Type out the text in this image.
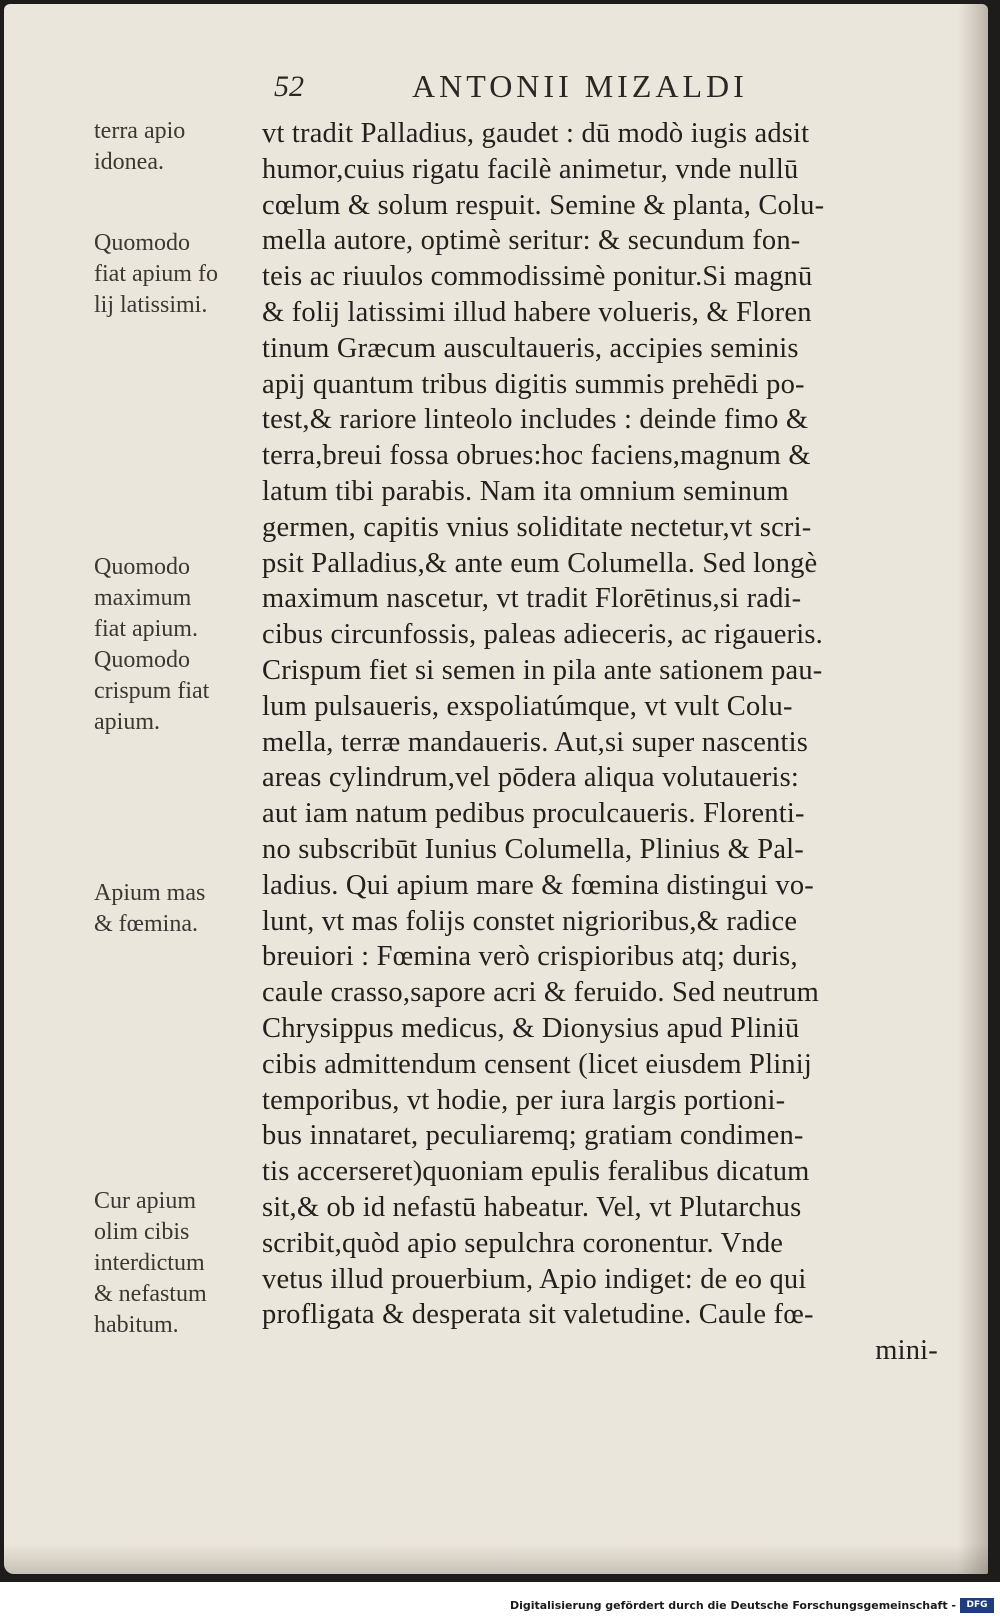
52	ANTONII MIZALDI
terra apio
idonea.
Quomodo
fiat apium fo
lij latissimi.
Quomodo
maximum
fiat apium.
Quomodo
crispum fiat
apium.
Apium mas
& fœmina.
Cur apium
olim cibis
interdictum
& nefastum
habitum.
vt tradit Palladius, gaudet : dū modò iugis adsit
humor,cuius rigatu facilè animetur, vnde nullū
cœlum & solum respuit. Semine & planta, Colu-
mella autore, optimè seritur: & secundum fon-
teis ac riuulos commodissimè ponitur.Si magnū
& folij latissimi illud habere volueris, & Floren
tinum Græcum auscultaueris, accipies seminis
apij quantum tribus digitis summis prehēdi po-
test,& rariore linteolo includes : deinde fimo &
terra,breui fossa obrues:hoc faciens,magnum &
latum tibi parabis. Nam ita omnium seminum
germen, capitis vnius soliditate nectetur,vt scri-
psit Palladius,& ante eum Columella. Sed longè
maximum nascetur, vt tradit Florētinus,si radi-
cibus circunfossis, paleas adieceris, ac rigaueris.
Crispum fiet si semen in pila ante sationem pau-
lum pulsaueris, exspoliatúmque, vt vult Colu-
mella, terræ mandaueris. Aut,si super nascentis
areas cylindrum,vel pōdera aliqua volutaueris:
aut iam natum pedibus proculcaueris. Florenti-
no subscribūt Iunius Columella, Plinius & Pal-
ladius. Qui apium mare & fœmina distingui vo-
lunt, vt mas folijs constet nigrioribus,& radice
breuiori : Fœmina verò crispioribus atq; duris,
caule crasso,sapore acri & feruido. Sed neutrum
Chrysippus medicus, & Dionysius apud Pliniū
cibis admittendum censent (licet eiusdem Plinij
temporibus, vt hodie, per iura largis portioni-
bus innataret, peculiaremq; gratiam condimen-
tis accerseret)quoniam epulis feralibus dicatum
sit,& ob id nefastū habeatur. Vel, vt Plutarchus
scribit,quòd apio sepulchra coronentur. Vnde
vetus illud prouerbium, Apio indiget: de eo qui
profligata & desperata sit valetudine. Caule fœ-
mini-
Digitalisierung gefördert durch die Deutsche Forschungsgemeinschaft -	DFG
